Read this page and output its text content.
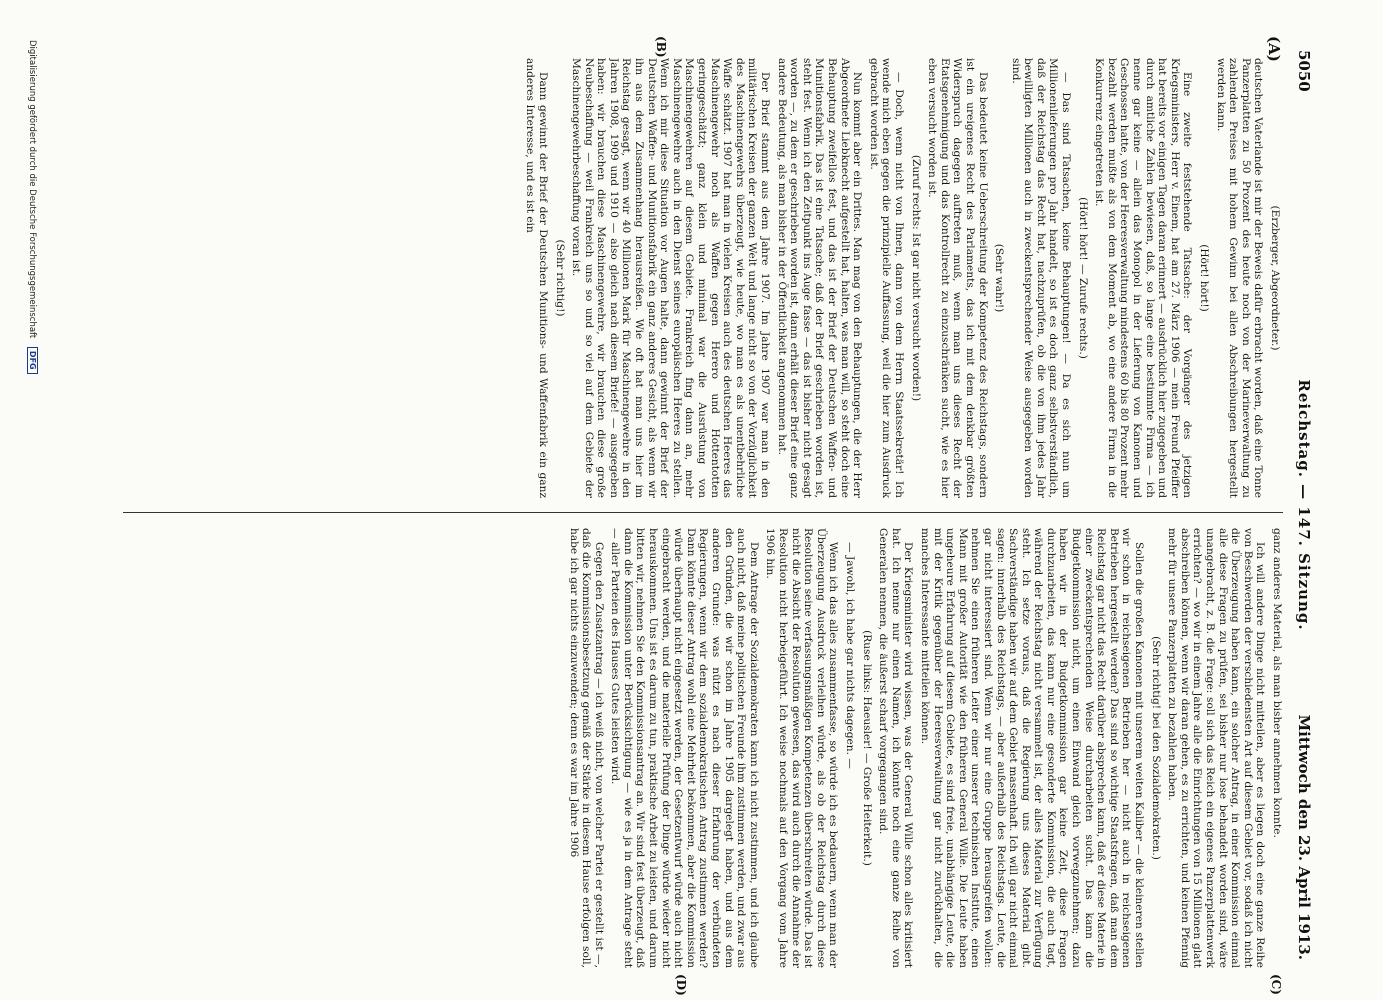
5050
Reichstag. — 147. Sitzung.
Mittwoch den 23. April 1913.
(A)
(B)
(C)
(D)

(Erzberger, Abgeordneter.)

deutschen Vaterlande ist mir der Beweis dafür erbracht worden, daß eine Tonne Panzerplatten zu 50 Prozent des heute noch von der Marineverwaltung zu zahlenden Preises mit hohem Gewinn bei allen Abschreibungen hergestellt werden kann.

(Hört! hört!)

Eine zweite feststehende Tatsache: der Vorgänger des jetzigen Kriegsministers, Herr v. Einem, hat am 27. März 1906 — mein Freund Pfeiffer hat bereits vor einigen Tagen daran erinnert — ausdrücklich hier zugegeben und durch amtliche Zahlen bewiesen, daß, so lange eine bestimmte Firma — ich nenne gar keine — allein das Monopol in der Lieferung von Kanonen und Geschossen hatte, von der Heeresverwaltung mindestens 60 bis 80 Prozent mehr bezahlt werden mußte als von dem Moment ab, wo eine andere Firma in die Konkurrenz eingetreten ist.

(Hört! hört! — Zurufe rechts.)

— Das sind Tatsachen, keine Behauptungen! — Da es sich nun um Millionenlieferungen pro Jahr handelt, so ist es doch ganz selbstverständlich, daß der Reichstag das Recht hat, nachzuprüfen, ob die von ihm jedes Jahr bewilligten Millionen auch in zweckentsprechender Weise ausgegeben worden sind.

(Sehr wahr!)

Das bedeutet keine Ueberschreitung der Kompetenz des Reichstags, sondern ist ein ureigenes Recht des Parlaments, das ich mit dem denkbar größten Widerspruch dagegen auftreten muß, wenn man uns dieses Recht der Etatsgenehmigung und das Kontrollrecht zu einzuschränken sucht, wie es hier eben versucht worden ist.

(Zuruf rechts: Ist gar nicht versucht worden!)

— Doch, wenn nicht von Ihnen, dann von dem Herrn Staatssekretär! Ich wende mich eben gegen die prinzipielle Auffassung, weil die hier zum Ausdruck gebracht worden ist.

Nun kommt aber ein Drittes. Man mag von den Behauptungen, die der Herr Abgeordnete Liebknecht aufgestellt hat, halten, was man will, so steht doch eine Behauptung zweifellos fest, und das ist der Brief der Deutschen Waffen- und Munitionsfabrik. Das ist eine Tatsache; daß der Brief geschrieben worden ist, steht fest. Wenn ich den Zeitpunkt ins Auge fasse — das ist bisher nicht gesagt worden —, zu dem er geschrieben worden ist, dann erhält dieser Brief eine ganz andere Bedeutung, als man bisher in der Öffentlichkeit angenommen hat.

Der Brief stammt aus dem Jahre 1907. Im Jahre 1907 war man in den militärischen Kreisen der ganzen Welt und lange nicht so von der Vorzüglichkeit des Maschinengewehrs überzeugt, wie heute, wo man es als unentbehrliche Waffe schätzt. 1907 hat man in vielen Kreisen auch des deutschen Heeres das Maschinengewehr noch als Waffen gegen Herero und Hottentotten geringgeschätzt; ganz klein und minimal war die Ausrüstung von Maschinengewehren auf diesem Gebiete. Frankreich fing dann an, mehr Maschinengewehre auch in den Dienst seines europäischen Heeres zu stellen. Wenn ich mir diese Situation vor Augen halte, dann gewinnt der Brief der Deutschen Waffen- und Munitionsfabrik ein ganz anderes Gesicht, als wenn wir ihn aus dem Zusammenhang herausreißen. Wie oft hat man uns hier im Reichstag gesagt, wenn wir 40 Millionen Mark für Maschinengewehre in den Jahren 1908, 1909 und 1910 — also gleich nach diesem Briefe! — ausgegeben haben: wir brauchen diese Maschinengewehre, wir brauchen diese große Neubeschaffung — weil Frankreich uns so und so viel auf dem Gebiete der Maschinengewehrbeschaffung voran ist.

(Sehr richtig!)

Dann gewinnt der Brief der Deutschen Munitions- und Waffenfabrik ein ganz anderes Interesse, und es ist ein

ganz anderes Material, als man bisher annehmen konnte.

Ich will andere Dinge nicht mitteilen, aber es liegen doch eine ganze Reihe von Beschwerden der verschiedensten Art auf diesem Gebiet vor, sodaß ich nicht die Überzeugung haben kann, ein solcher Antrag, in einer Kommission einmal alle diese Fragen zu prüfen, sei bisher nur lose behandelt worden sind, wäre unangebracht, z. B. die Frage: soll sich das Reich ein eigenes Panzerplattenwerk errichten? — wo wir in einem Jahre alle die Einrichtungen von 15 Millionen glatt abschreiben können, wenn wir daran gehen, es zu errichten, und keinen Pfennig mehr für unsere Panzerplatten zu bezahlen haben.

(Sehr richtig! bei den Sozialdemokraten.)

Sollen die großen Kanonen mit unserem weiten Kaliber — die kleineren stellen wir schon in reichseigenen Betrieben her — nicht auch in reichseigenen Betrieben hergestellt werden? Das sind so wichtige Staatsfragen, daß man dem Reichstag gar nicht das Recht darüber absprechen kann, daß er diese Materie in einer zweckentsprechenden Weise durcharbeiten sucht. Das kann die Budgetkommission nicht, um einen Einwand gleich vorwegzunehmen; dazu haben wir in der Budgetkommission gar keine Zeit, diese Fragen durchzuarbeiten, das kann nur eine gesonderte Kommission, die auch tagt, während der Reichstag nicht versammelt ist, der alles Material zur Verfügung steht. Ich setze voraus, daß die Regierung uns dieses Material gibt. Sachverständige haben wir auf dem Gebiet massenhaft. Ich will gar nicht einmal sagen: innerhalb des Reichstags, — aber außerhalb des Reichstags. Leute, die gar nicht interessiert sind. Wenn wir nur eine Gruppe herausgreifen wollen: nehmen Sie einen früheren Leiter einer unserer technischen Institute, einen Mann mit großer Autorität wie den früheren General Wille. Die Leute haben ungeheure Erfahrung auf diesem Gebiete, es sind freie, unabhängige Leute, die mit der Kritik gegenüber der Heeresverwaltung gar nicht zurückhalten, die manches Interessante mitteilen können.

Der Kriegsminister wird wissen, was der General Wille schon alles kritisiert hat. Ich nenne nur einen Namen, ich könnte noch eine ganze Reihe von Generalen nennen, die äußerst scharf vorgegangen sind.

(Ruse links: Haeusler! — Große Heiterkeit.)

— Jawohl, ich habe gar nichts dagegen. —

Wenn ich das alles zusammenfasse, so würde ich es bedauern, wenn man der Überzeugung Ausdruck verleihen würde, als ob der Reichstag durch diese Resolution seine verfassungsmäßigen Kompetenzen überschreiten würde. Das ist nicht die Absicht der Resolution gewesen, das wird auch durch die Annahme der Resolution nicht herbeigeführt. Ich weise nochmals auf den Vorgang vom Jahre 1906 hin.

Dem Antrage der Sozialdemokraten kann ich nicht zustimmen, und ich glaube auch nicht, daß meine politischen Freunde ihm zustimmen werden, und zwar aus den Gründen, die wir schon im Jahre 1905 dargelegt haben, und aus dem anderen Grunde: was nützt es nach dieser Erfahrung der verbündeten Regierungen, wenn wir dem sozialdemokratischen Antrag zustimmen werden? Dann könnte dieser Antrag wohl eine Mehrheit bekommen, aber die Kommission würde überhaupt nicht eingesetzt werden, der Gesetzentwurf würde auch nicht eingebracht werden, und die materielle Prüfung der Dinge würde wieder nicht herauskommen. Uns ist es darum zu tun, praktische Arbeit zu leisten, und darum bitten wir, nehmen Sie den Kommissionsantrag an. Wir sind fest überzeugt, daß dann die Kommission unter Berücksichtigung — wie es ja in dem Antrage steht — aller Parteien des Hauses Gutes leisten wird.

Gegen den Zusatzantrag — ich weiß nicht, von welcher Partei er gestellt ist —, daß die Kommissionsbesetzung gemäß der Stärke in diesem Hause erfolgen soll, habe ich gar nichts einzuwenden; denn es war im Jahre 1906

Digitalisierung gefördert durch die Deutsche Forschungsgemeinschaft DFG
